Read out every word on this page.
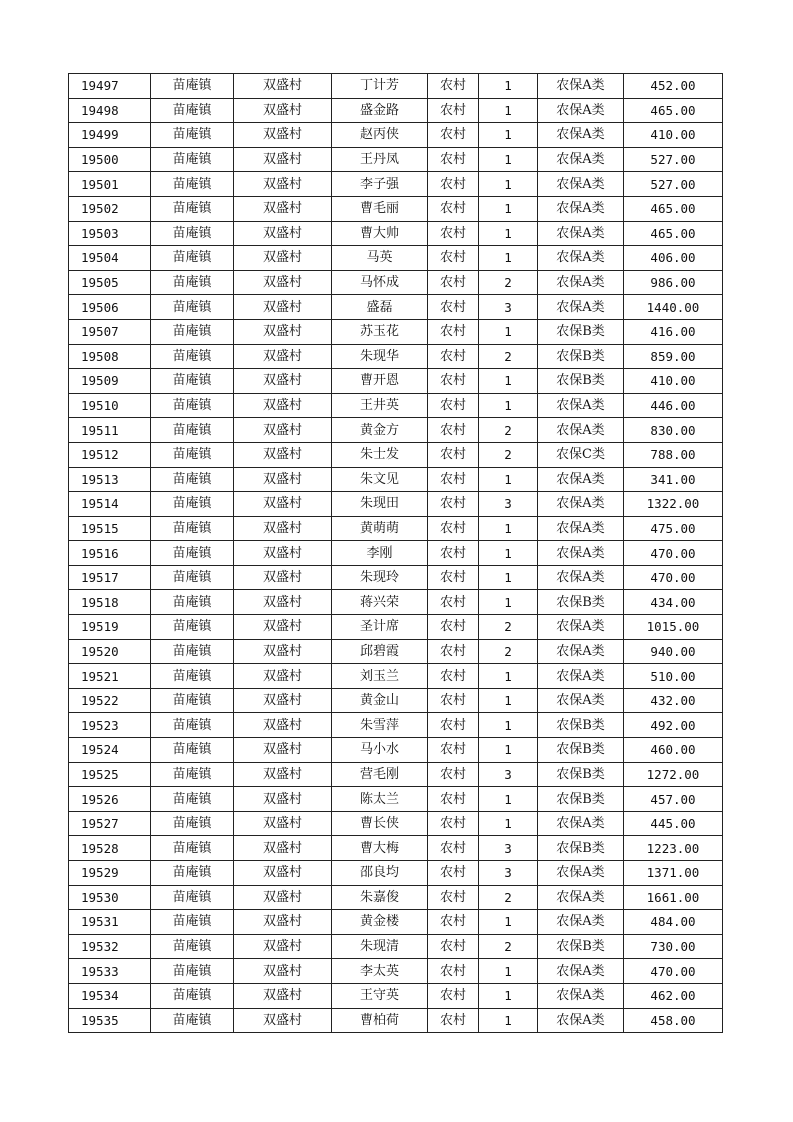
19497	苗庵镇	双盛村	丁计芳	农村	1	农保A类	452.00
19498	苗庵镇	双盛村	盛金路	农村	1	农保A类	465.00
19499	苗庵镇	双盛村	赵丙侠	农村	1	农保A类	410.00
19500	苗庵镇	双盛村	王丹凤	农村	1	农保A类	527.00
19501	苗庵镇	双盛村	李子强	农村	1	农保A类	527.00
19502	苗庵镇	双盛村	曹毛丽	农村	1	农保A类	465.00
19503	苗庵镇	双盛村	曹大帅	农村	1	农保A类	465.00
19504	苗庵镇	双盛村	马英	农村	1	农保A类	406.00
19505	苗庵镇	双盛村	马怀成	农村	2	农保A类	986.00
19506	苗庵镇	双盛村	盛磊	农村	3	农保A类	1440.00
19507	苗庵镇	双盛村	苏玉花	农村	1	农保B类	416.00
19508	苗庵镇	双盛村	朱现华	农村	2	农保B类	859.00
19509	苗庵镇	双盛村	曹开恩	农村	1	农保B类	410.00
19510	苗庵镇	双盛村	王井英	农村	1	农保A类	446.00
19511	苗庵镇	双盛村	黄金方	农村	2	农保A类	830.00
19512	苗庵镇	双盛村	朱士发	农村	2	农保C类	788.00
19513	苗庵镇	双盛村	朱文见	农村	1	农保A类	341.00
19514	苗庵镇	双盛村	朱现田	农村	3	农保A类	1322.00
19515	苗庵镇	双盛村	黄萌萌	农村	1	农保A类	475.00
19516	苗庵镇	双盛村	李刚	农村	1	农保A类	470.00
19517	苗庵镇	双盛村	朱现玲	农村	1	农保A类	470.00
19518	苗庵镇	双盛村	蒋兴荣	农村	1	农保B类	434.00
19519	苗庵镇	双盛村	圣计席	农村	2	农保A类	1015.00
19520	苗庵镇	双盛村	邱碧霞	农村	2	农保A类	940.00
19521	苗庵镇	双盛村	刘玉兰	农村	1	农保A类	510.00
19522	苗庵镇	双盛村	黄金山	农村	1	农保A类	432.00
19523	苗庵镇	双盛村	朱雪萍	农村	1	农保B类	492.00
19524	苗庵镇	双盛村	马小水	农村	1	农保B类	460.00
19525	苗庵镇	双盛村	营毛刚	农村	3	农保B类	1272.00
19526	苗庵镇	双盛村	陈太兰	农村	1	农保B类	457.00
19527	苗庵镇	双盛村	曹长侠	农村	1	农保A类	445.00
19528	苗庵镇	双盛村	曹大梅	农村	3	农保B类	1223.00
19529	苗庵镇	双盛村	邵良均	农村	3	农保A类	1371.00
19530	苗庵镇	双盛村	朱嘉俊	农村	2	农保A类	1661.00
19531	苗庵镇	双盛村	黄金楼	农村	1	农保A类	484.00
19532	苗庵镇	双盛村	朱现清	农村	2	农保B类	730.00
19533	苗庵镇	双盛村	李太英	农村	1	农保A类	470.00
19534	苗庵镇	双盛村	王守英	农村	1	农保A类	462.00
19535	苗庵镇	双盛村	曹柏荷	农村	1	农保A类	458.00
